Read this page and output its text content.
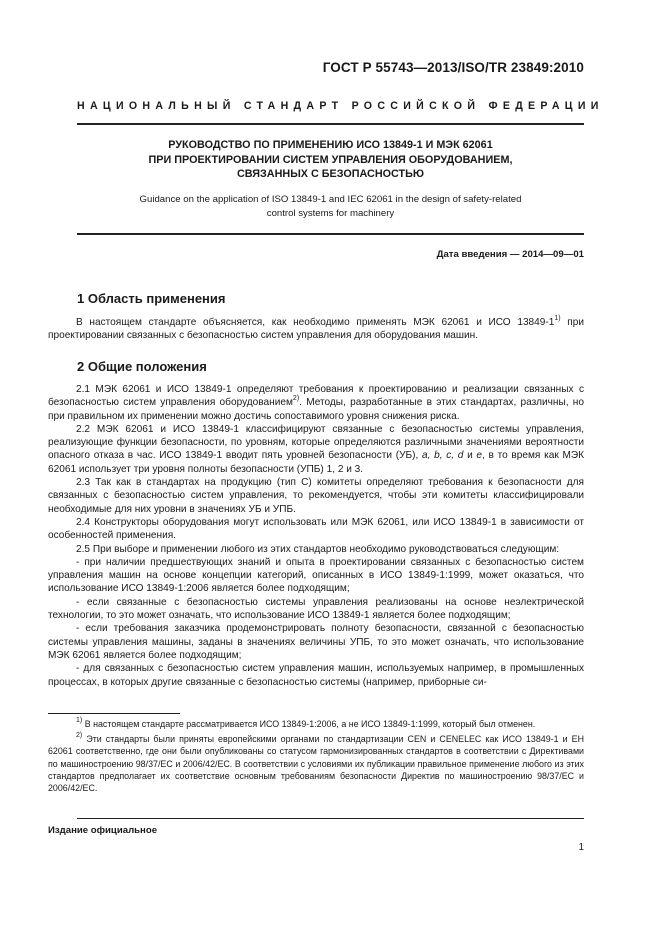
ГОСТ Р 55743—2013/ISO/TR 23849:2010
НАЦИОНАЛЬНЫЙ СТАНДАРТ РОССИЙСКОЙ ФЕДЕРАЦИИ
РУКОВОДСТВО ПО ПРИМЕНЕНИЮ ИСО 13849-1 И МЭК 62061
ПРИ ПРОЕКТИРОВАНИИ СИСТЕМ УПРАВЛЕНИЯ ОБОРУДОВАНИЕМ,
СВЯЗАННЫХ С БЕЗОПАСНОСТЬЮ
Guidance on the application of ISO 13849-1 and IEC 62061 in the design of safety-related
control systems for machinery
Дата введения — 2014—09—01
1 Область применения

В настоящем стандарте объясняется, как необходимо применять МЭК 62061 и ИСО 13849-1$^{1)}$ при проектировании связанных с безопасностью систем управления для оборудования машин.

2 Общие положения

2.1 МЭК 62061 и ИСО 13849-1 определяют требования к проектированию и реализации связанных с безопасностью систем управления оборудованием$^{2)}$. Методы, разработанные в этих стандартах, различны, но при правильном их применении можно достичь сопоставимого уровня снижения риска.

2.2 МЭК 62061 и ИСО 13849-1 классифицируют связанные с безопасностью системы управления, реализующие функции безопасности, по уровням, которые определяются различными значениями вероятности опасного отказа в час. ИСО 13849-1 вводит пять уровней безопасности (УБ), a, b, c, d и e, в то время как МЭК 62061 использует три уровня полноты безопасности (УПБ) 1, 2 и 3.

2.3 Так как в стандартах на продукцию (тип С) комитеты определяют требования к безопасности для связанных с безопасностью систем управления, то рекомендуется, чтобы эти комитеты классифицировали необходимые для них уровни в значениях УБ и УПБ.

2.4 Конструкторы оборудования могут использовать или МЭК 62061, или ИСО 13849-1 в зависимости от особенностей применения.

2.5 При выборе и применении любого из этих стандартов необходимо руководствоваться следующим:

- при наличии предшествующих знаний и опыта в проектировании связанных с безопасностью систем управления машин на основе концепции категорий, описанных в ИСО 13849-1:1999, может оказаться, что использование ИСО 13849-1:2006 является более подходящим;

- если связанные с безопасностью системы управления реализованы на основе неэлектрической технологии, то это может означать, что использование ИСО 13849-1 является более подходящим;

- если требования заказчика продемонстрировать полноту безопасности, связанной с безопасностью системы управления машины, заданы в значениях величины УПБ, то это может означать, что использование МЭК 62061 является более подходящим;

- для связанных с безопасностью систем управления машин, используемых например, в промышленных процессах, в которых другие связанные с безопасностью системы (например, приборные си-

$^{1)}$ В настоящем стандарте рассматривается ИСО 13849-1:2006, а не ИСО 13849-1:1999, который был отменен.

$^{2)}$ Эти стандарты были приняты европейскими органами по стандартизации CEN и CENELEC как ИСО 13849-1 и ЕН 62061 соответственно, где они были опубликованы со статусом гармонизированных стандартов в соответствии с Директивами по машиностроению 98/37/ЕС и 2006/42/ЕС. В соответствии с условиями их публикации правильное применение любого из этих стандартов предполагает их соответствие основным требованиям безопасности Директив по машиностроению 98/37/ЕС и 2006/42/ЕС.

Издание официальное
1
